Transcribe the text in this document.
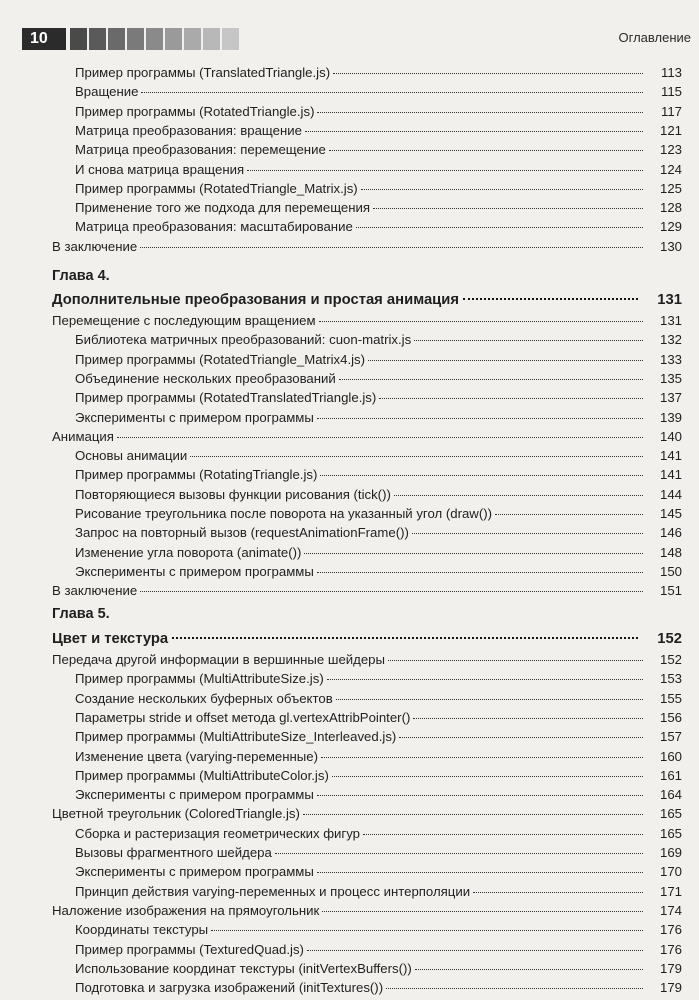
10	Оглавление
Пример программы (TranslatedTriangle.js)	113
Вращение	115
Пример программы (RotatedTriangle.js)	117
Матрица преобразования: вращение	121
Матрица преобразования: перемещение	123
И снова матрица вращения	124
Пример программы (RotatedTriangle_Matrix.js)	125
Применение того же подхода для перемещения	128
Матрица преобразования: масштабирование	129
В заключение	130
Глава 4.
Дополнительные преобразования и простая анимация	131
Перемещение с последующим вращением	131
Библиотека матричных преобразований: cuon-matrix.js	132
Пример программы (RotatedTriangle_Matrix4.js)	133
Объединение нескольких преобразований	135
Пример программы (RotatedTranslatedTriangle.js)	137
Эксперименты с примером программы	139
Анимация	140
Основы анимации	141
Пример программы (RotatingTriangle.js)	141
Повторяющиеся вызовы функции рисования (tick())	144
Рисование треугольника после поворота на указанный угол (draw())	145
Запрос на повторный вызов (requestAnimationFrame())	146
Изменение угла поворота (animate())	148
Эксперименты с примером программы	150
В заключение	151
Глава 5.
Цвет и текстура	152
Передача другой информации в вершинные шейдеры	152
Пример программы (MultiAttributeSize.js)	153
Создание нескольких буферных объектов	155
Параметры stride и offset метода gl.vertexAttribPointer()	156
Пример программы (MultiAttributeSize_Interleaved.js)	157
Изменение цвета (varying-переменные)	160
Пример программы (MultiAttributeColor.js)	161
Эксперименты с примером программы	164
Цветной треугольник (ColoredTriangle.js)	165
Сборка и растеризация геометрических фигур	165
Вызовы фрагментного шейдера	169
Эксперименты с примером программы	170
Принцип действия varying-переменных и процесс интерполяции	171
Наложение изображения на прямоугольник	174
Координаты текстуры	176
Пример программы (TexturedQuad.js)	176
Использование координат текстуры (initVertexBuffers())	179
Подготовка и загрузка изображений (initTextures())	179
